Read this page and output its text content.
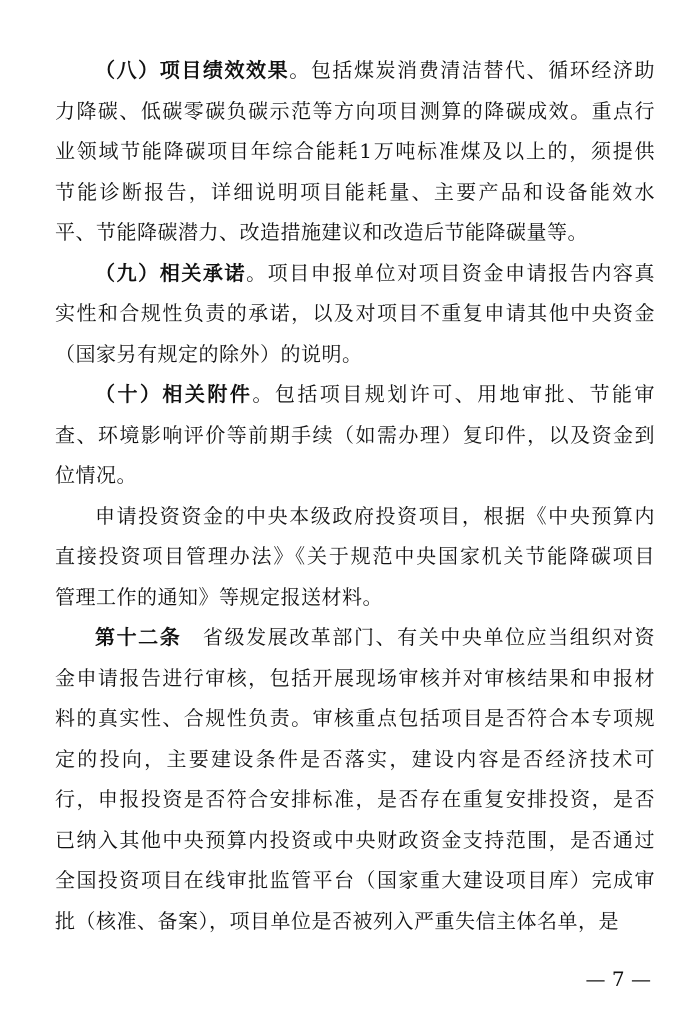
（八）项目绩效效果。包括煤炭消费清洁替代、循环经济助
力降碳、低碳零碳负碳示范等方向项目测算的降碳成效。重点行
业领域节能降碳项目年综合能耗1万吨标准煤及以上的，须提供
节能诊断报告，详细说明项目能耗量、主要产品和设备能效水
平、节能降碳潜力、改造措施建议和改造后节能降碳量等。
（九）相关承诺。项目申报单位对项目资金申请报告内容真
实性和合规性负责的承诺，以及对项目不重复申请其他中央资金
（国家另有规定的除外）的说明。
（十）相关附件。包括项目规划许可、用地审批、节能审
查、环境影响评价等前期手续（如需办理）复印件，以及资金到
位情况。
申请投资资金的中央本级政府投资项目，根据《中央预算内
直接投资项目管理办法》《关于规范中央国家机关节能降碳项目
管理工作的通知》等规定报送材料。
第十二条　省级发展改革部门、有关中央单位应当组织对资
金申请报告进行审核，包括开展现场审核并对审核结果和申报材
料的真实性、合规性负责。审核重点包括项目是否符合本专项规
定的投向，主要建设条件是否落实，建设内容是否经济技术可
行，申报投资是否符合安排标准，是否存在重复安排投资，是否
已纳入其他中央预算内投资或中央财政资金支持范围，是否通过
全国投资项目在线审批监管平台（国家重大建设项目库）完成审
批（核准、备案），项目单位是否被列入严重失信主体名单，是
— 7 —
